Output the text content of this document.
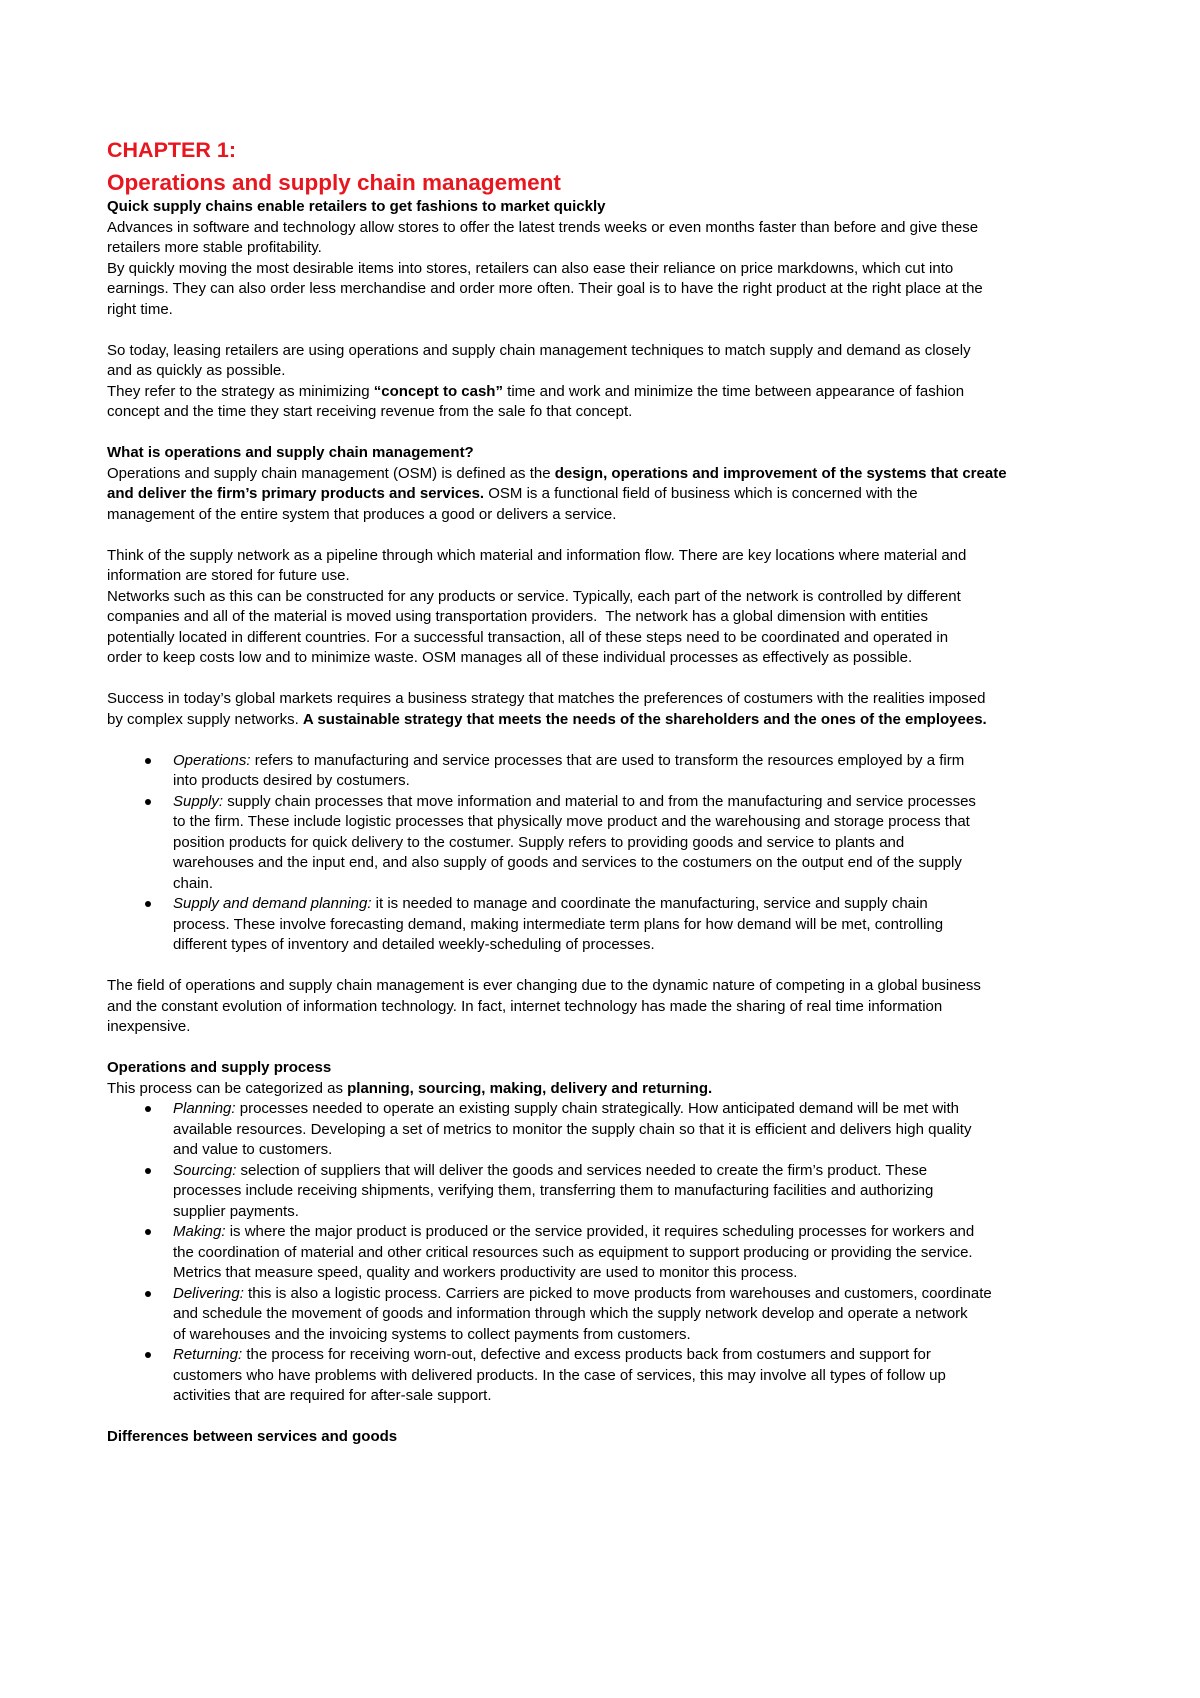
CHAPTER 1:
Operations and supply chain management
Quick supply chains enable retailers to get fashions to market quickly
Advances in software and technology allow stores to offer the latest trends weeks or even months faster than before and give these
retailers more stable profitability.
By quickly moving the most desirable items into stores, retailers can also ease their reliance on price markdowns, which cut into
earnings. They can also order less merchandise and order more often. Their goal is to have the right product at the right place at the
right time.
So today, leasing retailers are using operations and supply chain management techniques to match supply and demand as closely
and as quickly as possible.
They refer to the strategy as minimizing “concept to cash” time and work and minimize the time between appearance of fashion
concept and the time they start receiving revenue from the sale fo that concept.
What is operations and supply chain management?
Operations and supply chain management (OSM) is defined as the design, operations and improvement of the systems that create
and deliver the firm’s primary products and services. OSM is a functional field of business which is concerned with the
management of the entire system that produces a good or delivers a service.
Think of the supply network as a pipeline through which material and information flow. There are key locations where material and
information are stored for future use.
Networks such as this can be constructed for any products or service. Typically, each part of the network is controlled by different
companies and all of the material is moved using transportation providers.  The network has a global dimension with entities
potentially located in different countries. For a successful transaction, all of these steps need to be coordinated and operated in
order to keep costs low and to minimize waste. OSM manages all of these individual processes as effectively as possible.
Success in today’s global markets requires a business strategy that matches the preferences of costumers with the realities imposed
by complex supply networks. A sustainable strategy that meets the needs of the shareholders and the ones of the employees.
Operations: refers to manufacturing and service processes that are used to transform the resources employed by a firm
into products desired by costumers.
Supply: supply chain processes that move information and material to and from the manufacturing and service processes
to the firm. These include logistic processes that physically move product and the warehousing and storage process that
position products for quick delivery to the costumer. Supply refers to providing goods and service to plants and
warehouses and the input end, and also supply of goods and services to the costumers on the output end of the supply
chain.
Supply and demand planning: it is needed to manage and coordinate the manufacturing, service and supply chain
process. These involve forecasting demand, making intermediate term plans for how demand will be met, controlling
different types of inventory and detailed weekly-scheduling of processes.
The field of operations and supply chain management is ever changing due to the dynamic nature of competing in a global business
and the constant evolution of information technology. In fact, internet technology has made the sharing of real time information
inexpensive.
Operations and supply process
This process can be categorized as planning, sourcing, making, delivery and returning.
Planning: processes needed to operate an existing supply chain strategically. How anticipated demand will be met with
available resources. Developing a set of metrics to monitor the supply chain so that it is efficient and delivers high quality
and value to customers.
Sourcing: selection of suppliers that will deliver the goods and services needed to create the firm’s product. These
processes include receiving shipments, verifying them, transferring them to manufacturing facilities and authorizing
supplier payments.
Making: is where the major product is produced or the service provided, it requires scheduling processes for workers and
the coordination of material and other critical resources such as equipment to support producing or providing the service.
Metrics that measure speed, quality and workers productivity are used to monitor this process.
Delivering: this is also a logistic process. Carriers are picked to move products from warehouses and customers, coordinate
and schedule the movement of goods and information through which the supply network develop and operate a network
of warehouses and the invoicing systems to collect payments from customers.
Returning: the process for receiving worn-out, defective and excess products back from costumers and support for
customers who have problems with delivered products. In the case of services, this may involve all types of follow up
activities that are required for after-sale support.
Differences between services and goods
